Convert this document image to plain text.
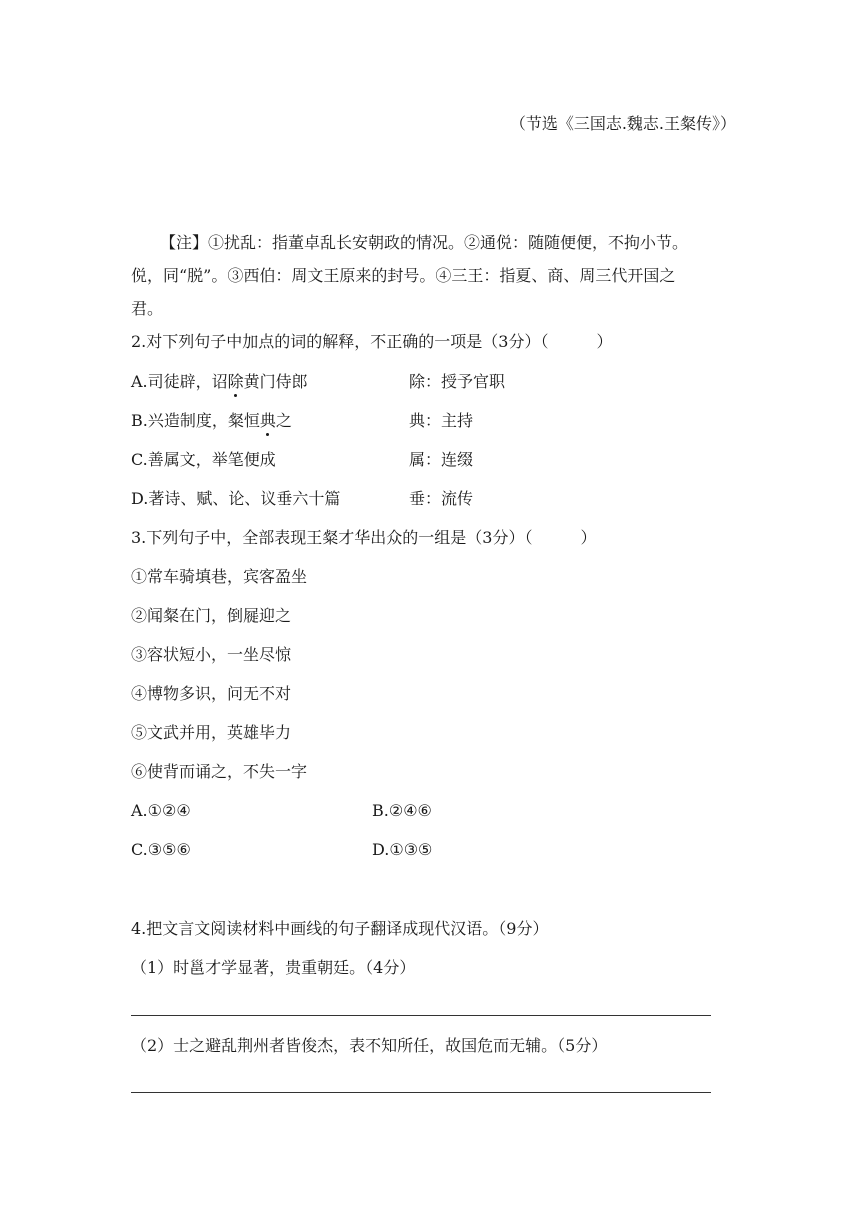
（节选《三国志.魏志.王粲传》）
【注】①扰乱：指董卓乱长安朝政的情况。②通侻：随随便便，不拘小节。
侻，同“脱”。③西伯：周文王原来的封号。④三王：指夏、商、周三代开国之
君。
2.对下列句子中加点的词的解释，不正确的一项是（3分）（　　　）
A.司徒辟，诏除黄门侍郎	除：授予官职
B.兴造制度，粲恒典之	典：主持
C.善属文，举笔便成	属：连缀
D.著诗、赋、论、议垂六十篇	垂：流传
3.下列句子中，全部表现王粲才华出众的一组是（3分）（　　　）
①常车骑填巷，宾客盈坐
②闻粲在门，倒屣迎之
③容状短小，一坐尽惊
④博物多识，问无不对
⑤文武并用，英雄毕力
⑥使背而诵之，不失一字
A.①②④	B.②④⑥
C.③⑤⑥	D.①③⑤
4.把文言文阅读材料中画线的句子翻译成现代汉语。（9分）
（1）时邕才学显著，贵重朝廷。（4分）
（2）士之避乱荆州者皆俊杰，表不知所任，故国危而无辅。（5分）
